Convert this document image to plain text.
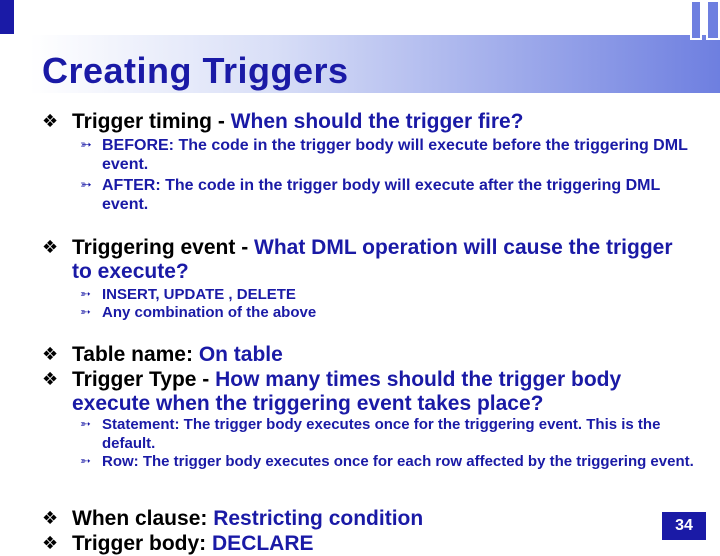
Creating Triggers
❖ Trigger timing - When should the trigger fire?
➳ BEFORE: The code in the trigger body will execute before the triggering DML event.
➳ AFTER: The code in the trigger body will execute after the triggering DML event.
❖ Triggering event - What DML operation will cause the trigger to execute?
➳ INSERT, UPDATE , DELETE
➳ Any combination of the above
❖ Table name: On table
❖ Trigger Type - How many times should the trigger body execute when the triggering event takes place?
➳ Statement: The trigger body executes once for the triggering event. This is the default.
➳ Row: The trigger body executes once for each row affected by the triggering event.
❖ When clause: Restricting condition
❖ Trigger body: DECLARE
34
